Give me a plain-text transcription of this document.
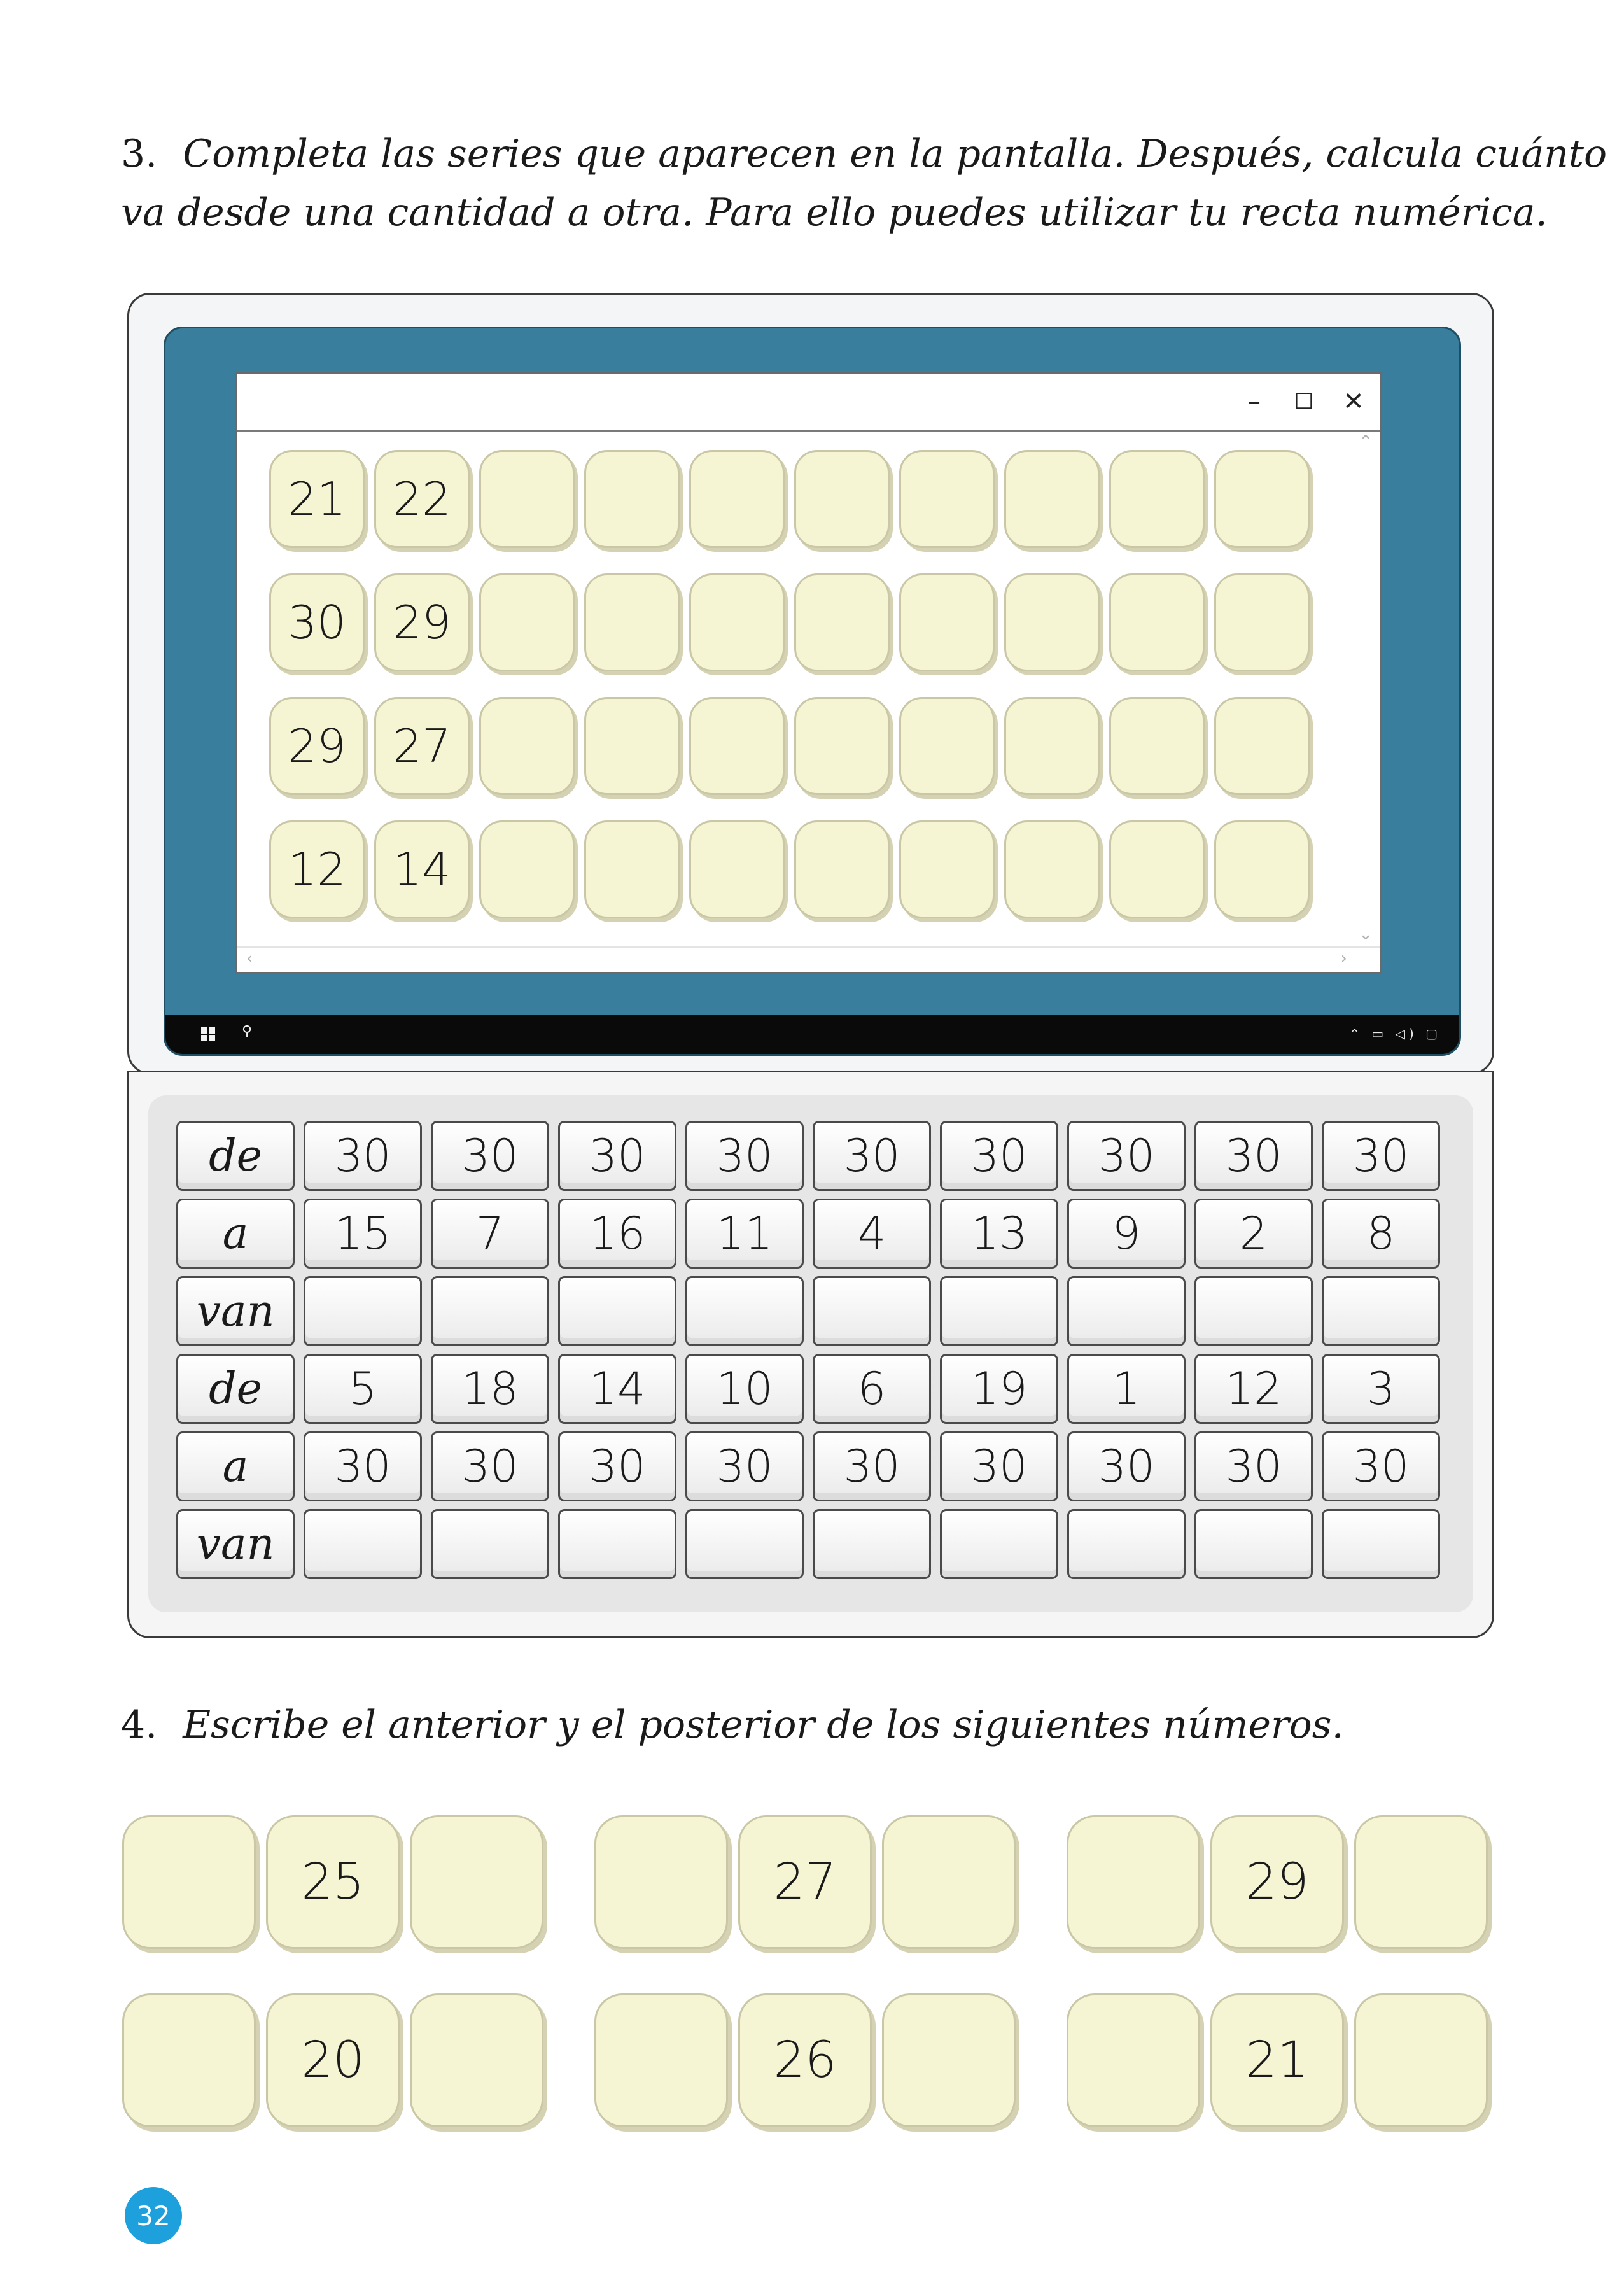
3. Completa las series que aparecen en la pantalla. Después, calcula cuánto
va desde una cantidad a otra. Para ello puedes utilizar tu recta numérica.
– ☐ ✕
⌃
⌄
‹	›
21	22
30	29
29	27
12	14
⚲	⌃ ▭ ◁) ▢
de	30	30	30	30	30	30	30	30	30
a	15	7	16	11	4	13	9	2	8
van
de	5	18	14	10	6	19	1	12	3
a	30	30	30	30	30	30	30	30	30
van
4. Escribe el anterior y el posterior de los siguientes números.
25	27	29
20	26	21
32
